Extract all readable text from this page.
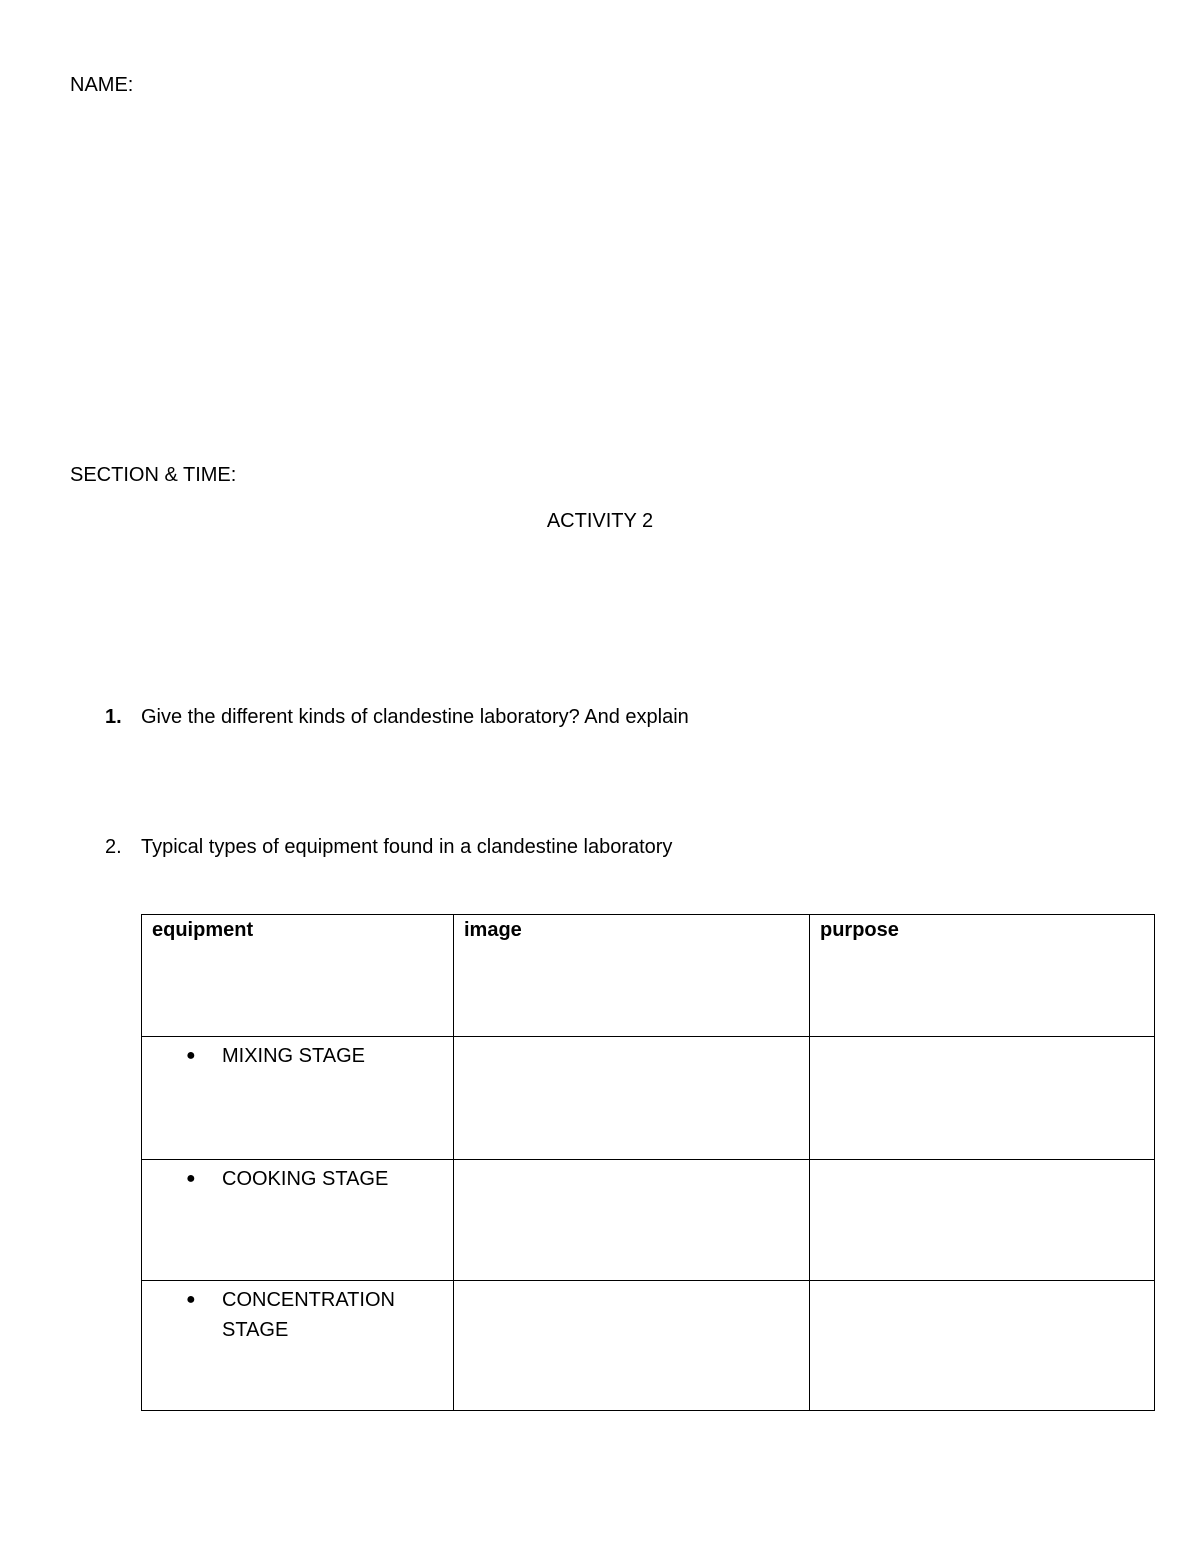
NAME:
SECTION & TIME:
ACTIVITY 2
1. Give the different kinds of clandestine laboratory? And explain
2. Typical types of equipment found in a clandestine laboratory
equipment	image	purpose

● MIXING STAGE		

● COOKING STAGE		

● CONCENTRATION STAGE		
